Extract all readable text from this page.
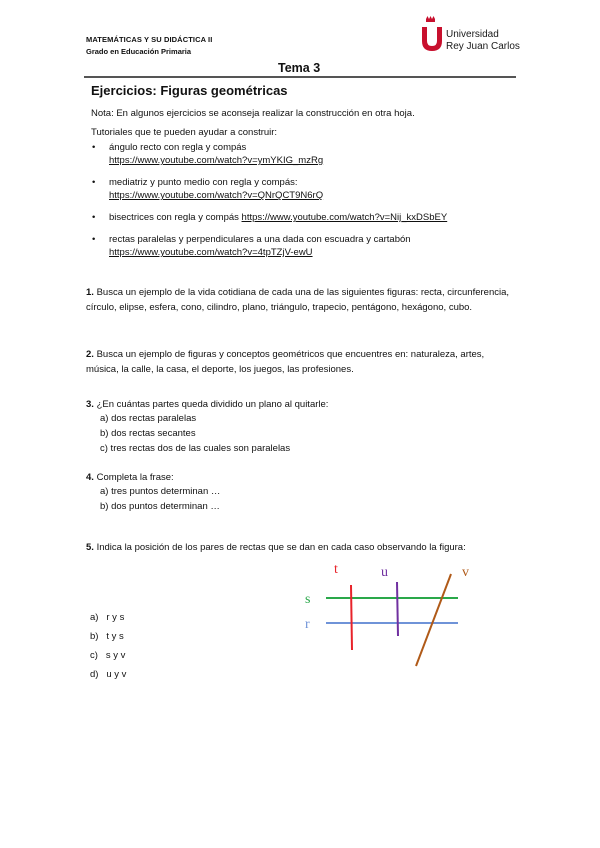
MATEMÁTICAS Y SU DIDÁCTICA II
Grado en Educación Primaria
Universidad
Rey Juan Carlos
Tema 3
Ejercicios: Figuras geométricas
Nota: En algunos ejercicios se aconseja realizar la construcción en otra hoja.
Tutoriales que te pueden ayudar a construir:
• ángulo recto con regla y compás
https://www.youtube.com/watch?v=ymYKIG_mzRg
• mediatriz y punto medio con regla y compás:
https://www.youtube.com/watch?v=QNrQCT9N6rQ
• bisectrices con regla y compás https://www.youtube.com/watch?v=Nij_kxDSbEY
• rectas paralelas y perpendiculares a una dada con escuadra y cartabón
https://www.youtube.com/watch?v=4tpTZjV-ewU
1. Busca un ejemplo de la vida cotidiana de cada una de las siguientes figuras: recta, circunferencia, círculo, elipse, esfera, cono, cilindro, plano, triángulo, trapecio, pentágono, hexágono, cubo.
2. Busca un ejemplo de figuras y conceptos geométricos que encuentres en: naturaleza, artes, música, la calle, la casa, el deporte, los juegos, las profesiones.
3. ¿En cuántas partes queda dividido un plano al quitarle:
a) dos rectas paralelas
b) dos rectas secantes
c) tres rectas dos de las cuales son paralelas
4. Completa la frase:
a) tres puntos determinan …
b) dos puntos determinan …
5. Indica la posición de los pares de rectas que se dan en cada caso observando la figura:
a) r y s
b) t y s
c) s y v
d) u y v
t	u	v
s
r
